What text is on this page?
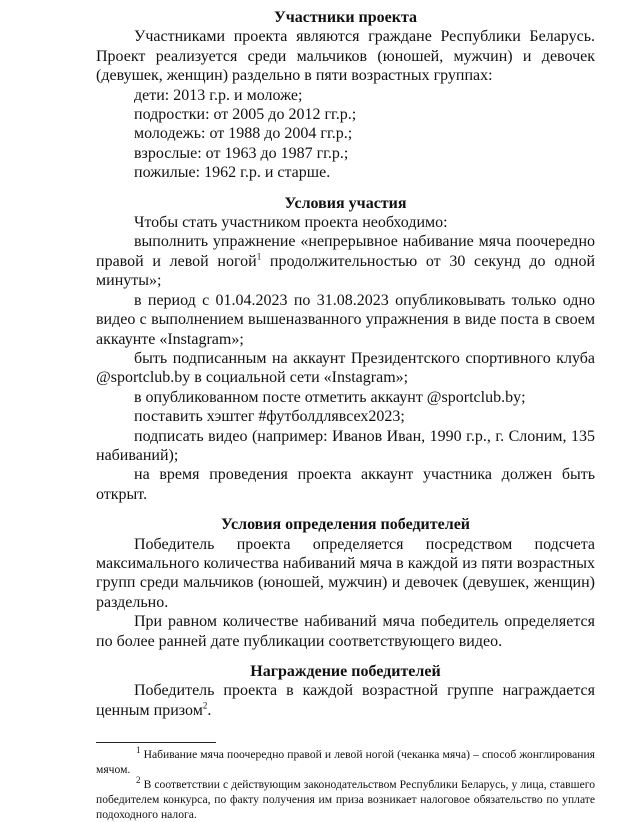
Участники проекта

Участниками проекта являются граждане Республики Беларусь. Проект реализуется среди мальчиков (юношей, мужчин) и девочек (девушек, женщин) раздельно в пяти возрастных группах:

дети: 2013 г.р. и моложе;

подростки: от 2005 до 2012 гг.р.;

молодежь: от 1988 до 2004 гг.р.;

взрослые: от 1963 до 1987 гг.р.;

пожилые: 1962 г.р. и старше.

Условия участия

Чтобы стать участником проекта необходимо:

выполнить упражнение «непрерывное набивание мяча поочередно правой и левой ногой$^1$ продолжительностью от 30 секунд до одной минуты»;

в период с 01.04.2023 по 31.08.2023 опубликовывать только одно видео с выполнением вышеназванного упражнения в виде поста в своем аккаунте «Instagram»;

быть подписанным на аккаунт Президентского спортивного клуба @sportclub.by в социальной сети «Instagram»;

в опубликованном посте отметить аккаунт @sportclub.by;

поставить хэштег #футболдлявсех2023;

подписать видео (например: Иванов Иван, 1990 г.р., г. Слоним, 135 набиваний);

на время проведения проекта аккаунт участника должен быть открыт.

Условия определения победителей

Победитель проекта определяется посредством подсчета максимального количества набиваний мяча в каждой из пяти возрастных групп среди мальчиков (юношей, мужчин) и девочек (девушек, женщин) раздельно.

При равном количестве набиваний мяча победитель определяется по более ранней дате публикации соответствующего видео.

Награждение победителей

Победитель проекта в каждой возрастной группе награждается ценным призом$^2$.

$^1$ Набивание мяча поочередно правой и левой ногой (чеканка мяча) – способ жонглирования мячом.

$^2$ В соответствии с действующим законодательством Республики Беларусь, у лица, ставшего победителем конкурса, по факту получения им приза возникает налоговое обязательство по уплате подоходного налога.
